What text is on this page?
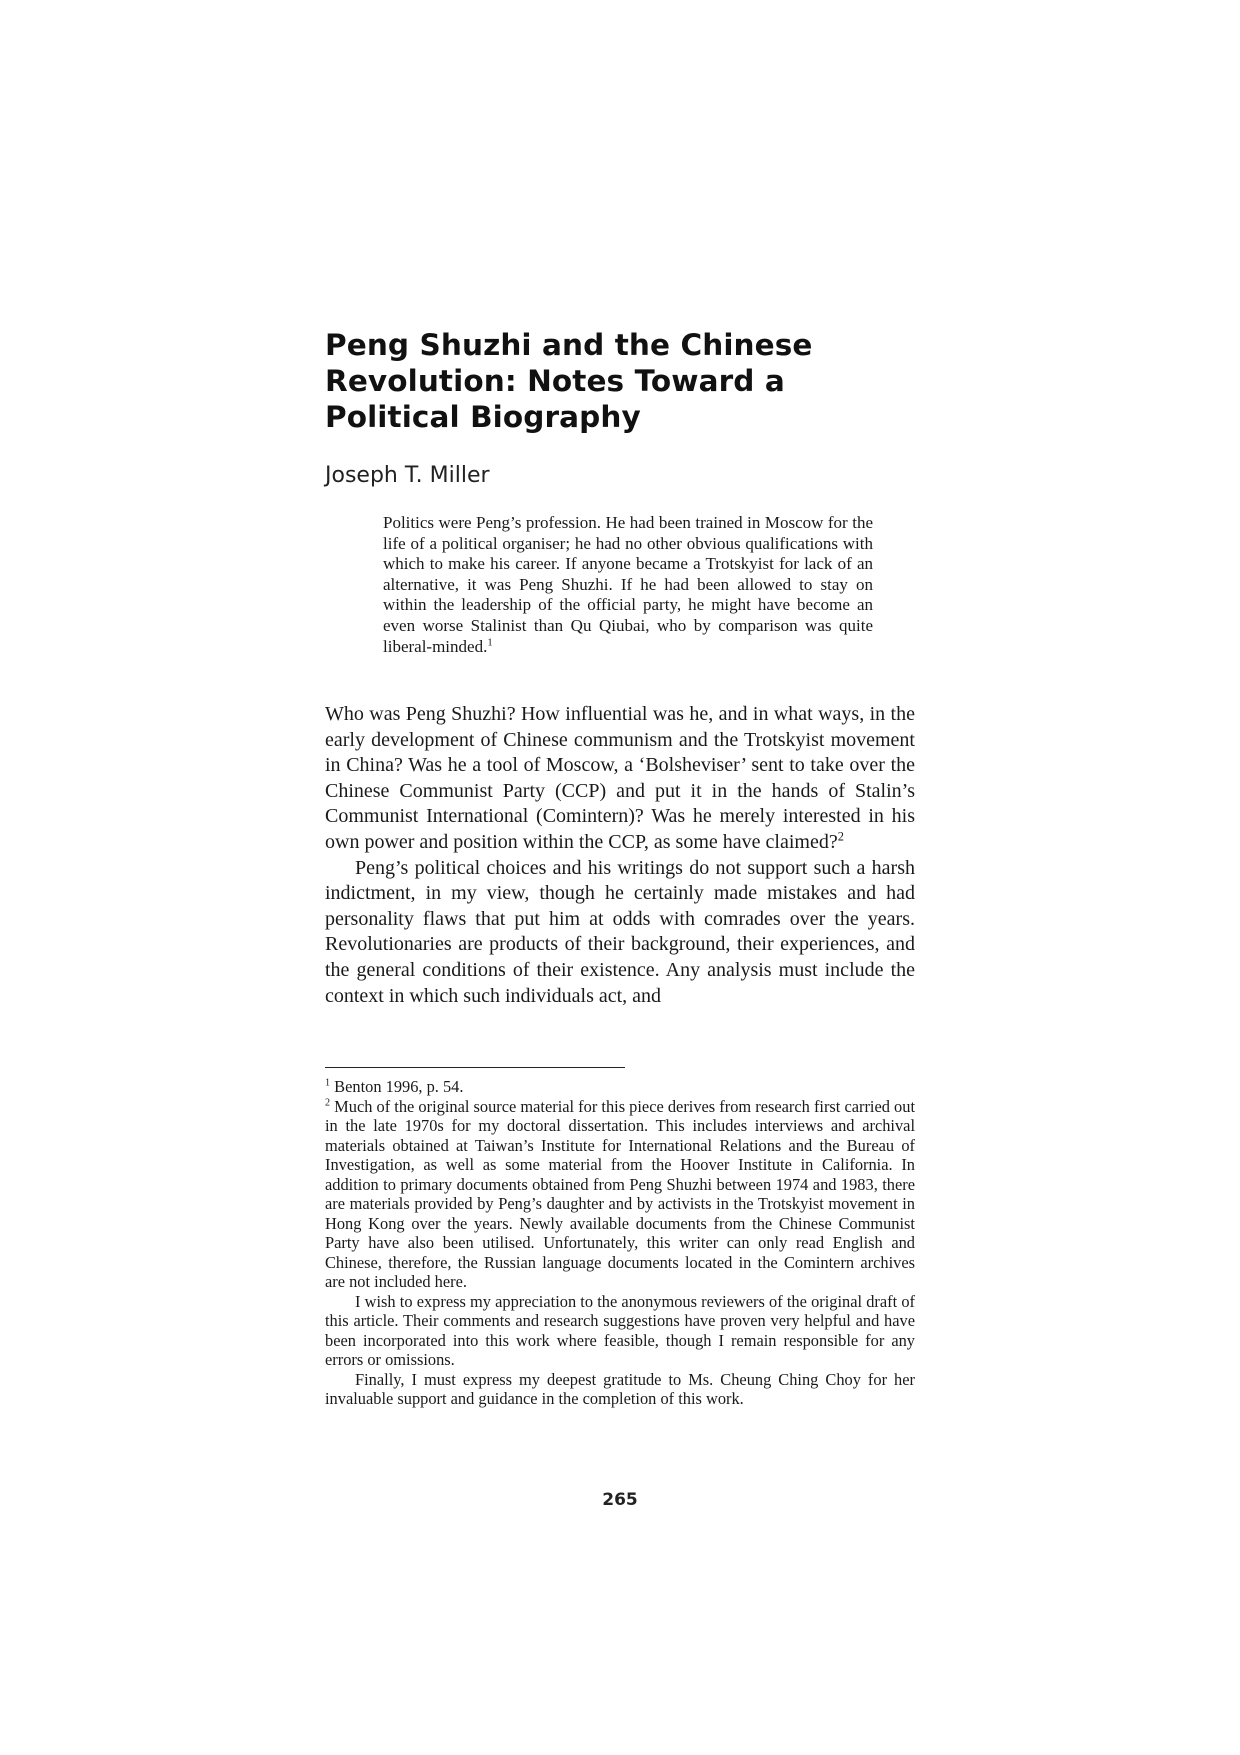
Peng Shuzhi and the Chinese
Revolution: Notes Toward a
Political Biography
Joseph T. Miller
Politics were Peng’s profession. He had been trained in Moscow for the life of a political organiser; he had no other obvious qualifications with which to make his career. If anyone became a Trotskyist for lack of an alternative, it was Peng Shuzhi. If he had been allowed to stay on within the leadership of the official party, he might have become an even worse Stalinist than Qu Qiubai, who by comparison was quite liberal-minded.$^1$

Who was Peng Shuzhi? How influential was he, and in what ways, in the early development of Chinese communism and the Trotskyist movement in China? Was he a tool of Moscow, a ‘Bolsheviser’ sent to take over the Chinese Communist Party (CCP) and put it in the hands of Stalin’s Communist International (Comintern)? Was he merely interested in his own power and position within the CCP, as some have claimed?$^2$

Peng’s political choices and his writings do not support such a harsh indictment, in my view, though he certainly made mistakes and had personality flaws that put him at odds with comrades over the years. Revolutionaries are products of their background, their experiences, and the general conditions of their existence. Any analysis must include the context in which such individuals act, and

$^1$ Benton 1996, p. 54.

$^2$ Much of the original source material for this piece derives from research first carried out in the late 1970s for my doctoral dissertation. This includes interviews and archival materials obtained at Taiwan’s Institute for International Relations and the Bureau of Investigation, as well as some material from the Hoover Institute in California. In addition to primary documents obtained from Peng Shuzhi between 1974 and 1983, there are materials provided by Peng’s daughter and by activists in the Trotskyist movement in Hong Kong over the years. Newly available documents from the Chinese Communist Party have also been utilised. Unfortunately, this writer can only read English and Chinese, therefore, the Russian language documents located in the Comintern archives are not included here.

I wish to express my appreciation to the anonymous reviewers of the original draft of this article. Their comments and research suggestions have proven very helpful and have been incorporated into this work where feasible, though I remain responsible for any errors or omissions.

Finally, I must express my deepest gratitude to Ms. Cheung Ching Choy for her invaluable support and guidance in the completion of this work.

265
